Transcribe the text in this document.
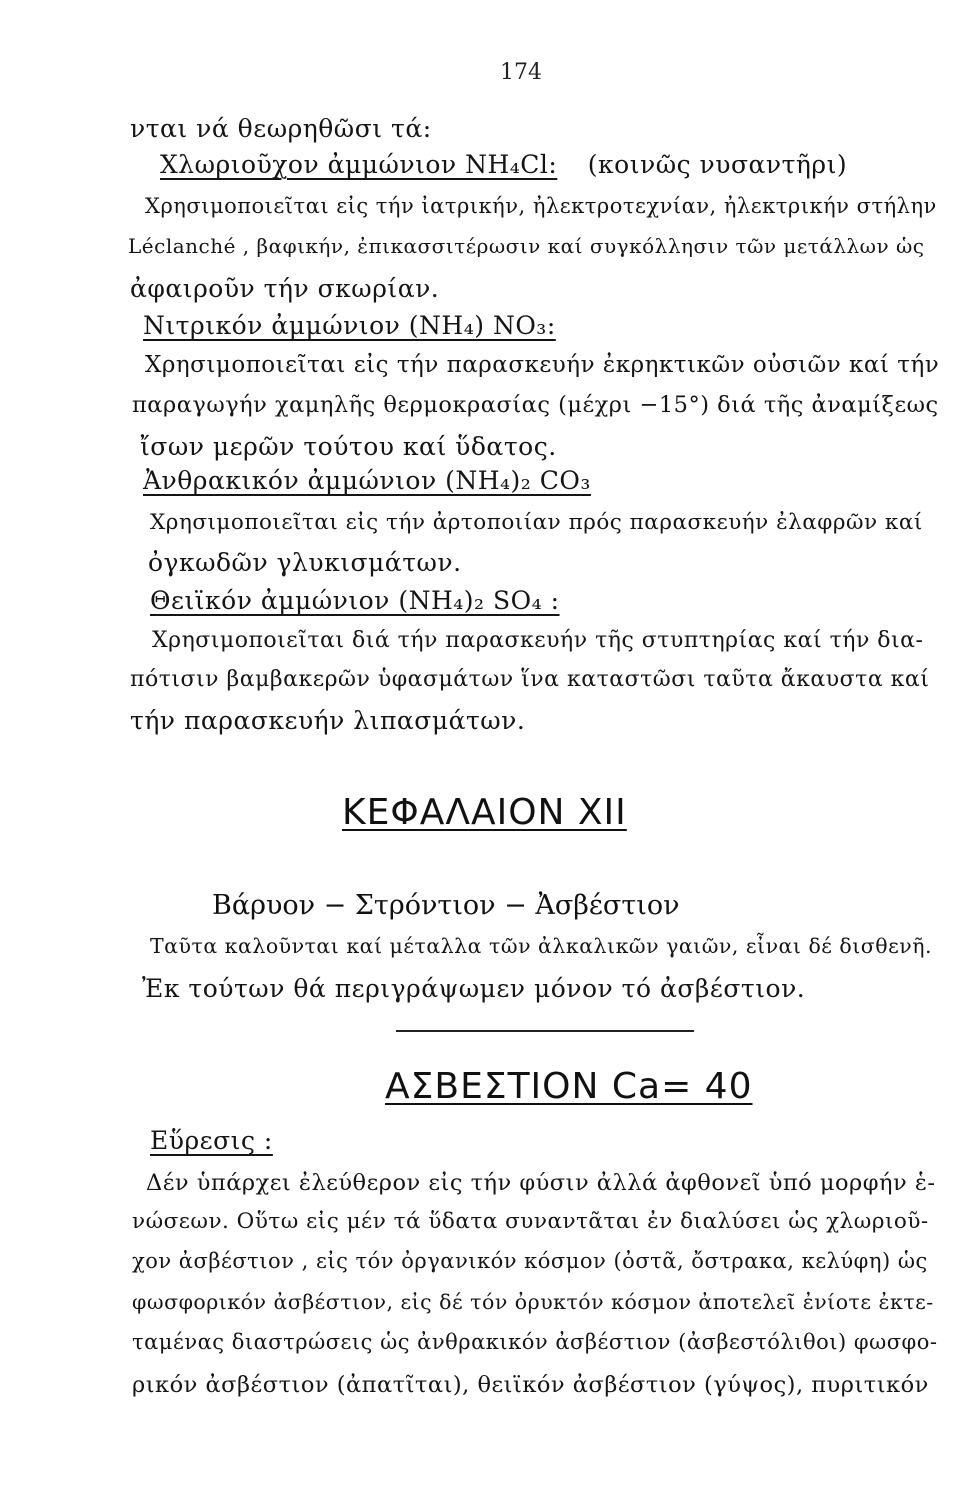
174
νται νά θεωρηθῶσι τά:
Χλωριοῦχον ἀμμώνιον NH₄Cl: (κοινῶς νυσαντῆρι)
Χρησιμοποιεῖται εἰς τήν ἰατρικήν, ἠλεκτροτεχνίαν, ἠλεκτρικήν στήλην
Léclanché , βαφικήν, ἐπικασσιτέρωσιν καί συγκόλλησιν τῶν μετάλλων ὡς
ἀφαιροῦν τήν σκωρίαν.
Νιτρικόν ἀμμώνιον (NH₄) NO₃:
Χρησιμοποιεῖται εἰς τήν παρασκευήν ἐκρηκτικῶν οὐσιῶν καί τήν
παραγωγήν χαμηλῆς θερμοκρασίας (μέχρι −15°) διά τῆς ἀναμίξεως
ἴσων μερῶν τούτου καί ὕδατος.
Ἀνθρακικόν ἀμμώνιον (NH₄)₂ CO₃
Χρησιμοποιεῖται εἰς τήν ἀρτοποιίαν πρός παρασκευήν ἐλαφρῶν καί
ὀγκωδῶν γλυκισμάτων.
Θειϊκόν ἀμμώνιον (NH₄)₂ SO₄ :
Χρησιμοποιεῖται διά τήν παρασκευήν τῆς στυπτηρίας καί τήν δια-
πότισιν βαμβακερῶν ὑφασμάτων ἵνα καταστῶσι ταῦτα ἄκαυστα καί
τήν παρασκευήν λιπασμάτων.
ΚΕΦΑΛΑΙΟΝ XII
Βάρυον − Στρόντιον − Ἀσβέστιον
Ταῦτα καλοῦνται καί μέταλλα τῶν ἀλκαλικῶν γαιῶν, εἶναι δέ δισθενῆ.
Ἐκ τούτων θά περιγράψωμεν μόνον τό ἀσβέστιον.
ΑΣΒΕΣΤΙΟΝ Ca= 40
Εὕρεσις :
Δέν ὑπάρχει ἐλεύθερον εἰς τήν φύσιν ἀλλά ἀφθονεῖ ὑπό μορφήν ἑ-
νώσεων. Οὕτω εἰς μέν τά ὕδατα συναντᾶται ἐν διαλύσει ὡς χλωριοῦ-
χον ἀσβέστιον , εἰς τόν ὀργανικόν κόσμον (ὀστᾶ, ὄστρακα, κελύφη) ὡς
φωσφορικόν ἀσβέστιον, εἰς δέ τόν ὀρυκτόν κόσμον ἀποτελεῖ ἐνίοτε ἐκτε-
ταμένας διαστρώσεις ὡς ἀνθρακικόν ἀσβέστιον (ἀσβεστόλιθοι) φωσφο-
ρικόν ἀσβέστιον (ἀπατῖται), θειϊκόν ἀσβέστιον (γύψος), πυριτικόν
